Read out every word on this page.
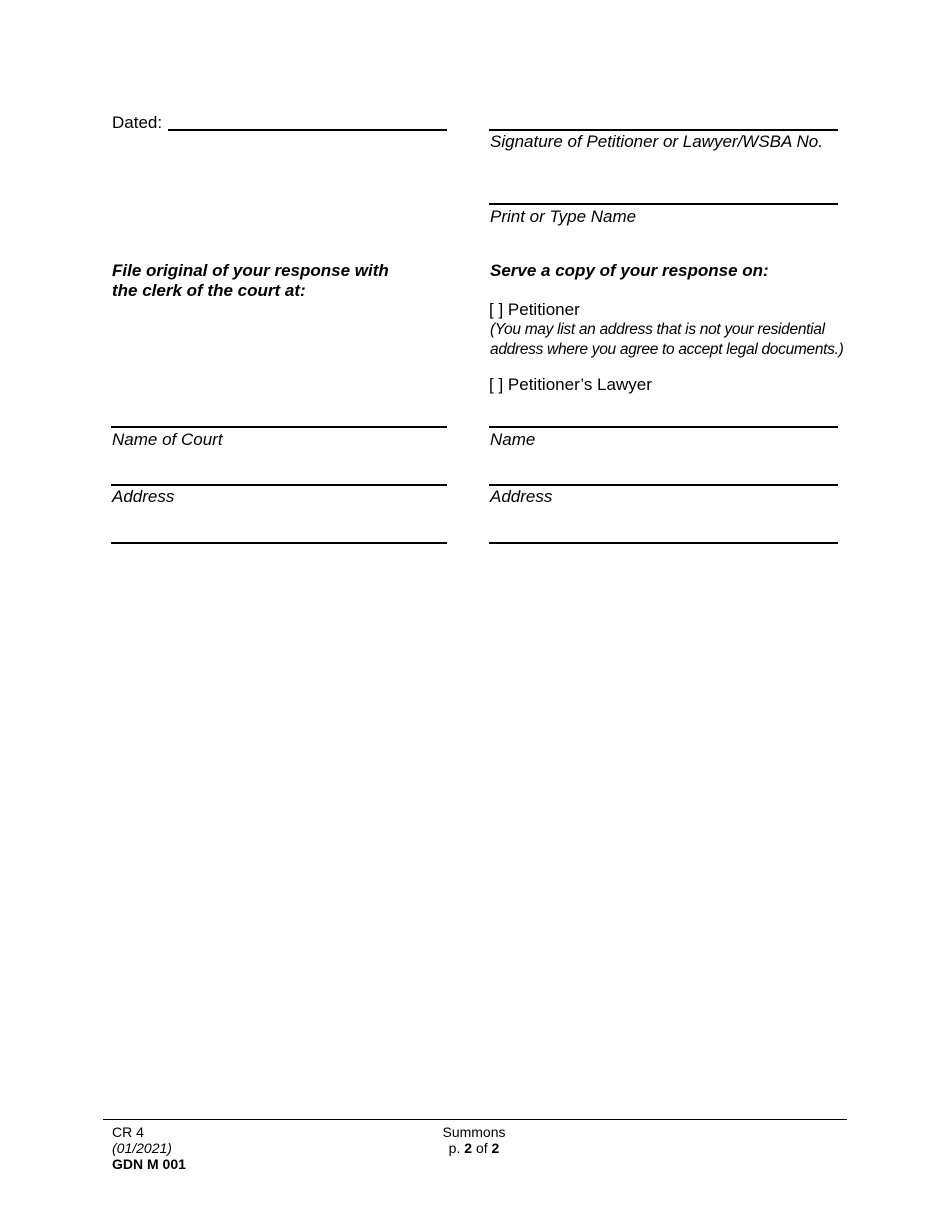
Dated:
File original of your response with
the clerk of the court at:
Name of Court
Address
Signature of Petitioner or Lawyer/WSBA No.
Print or Type Name
Serve a copy of your response on:
[ ] Petitioner
(You may list an address that is not your residential
address where you agree to accept legal documents.)
[ ] Petitioner’s Lawyer
Name
Address
CR 4
(01/2021)
GDN M 001
Summons
p. 2 of 2
